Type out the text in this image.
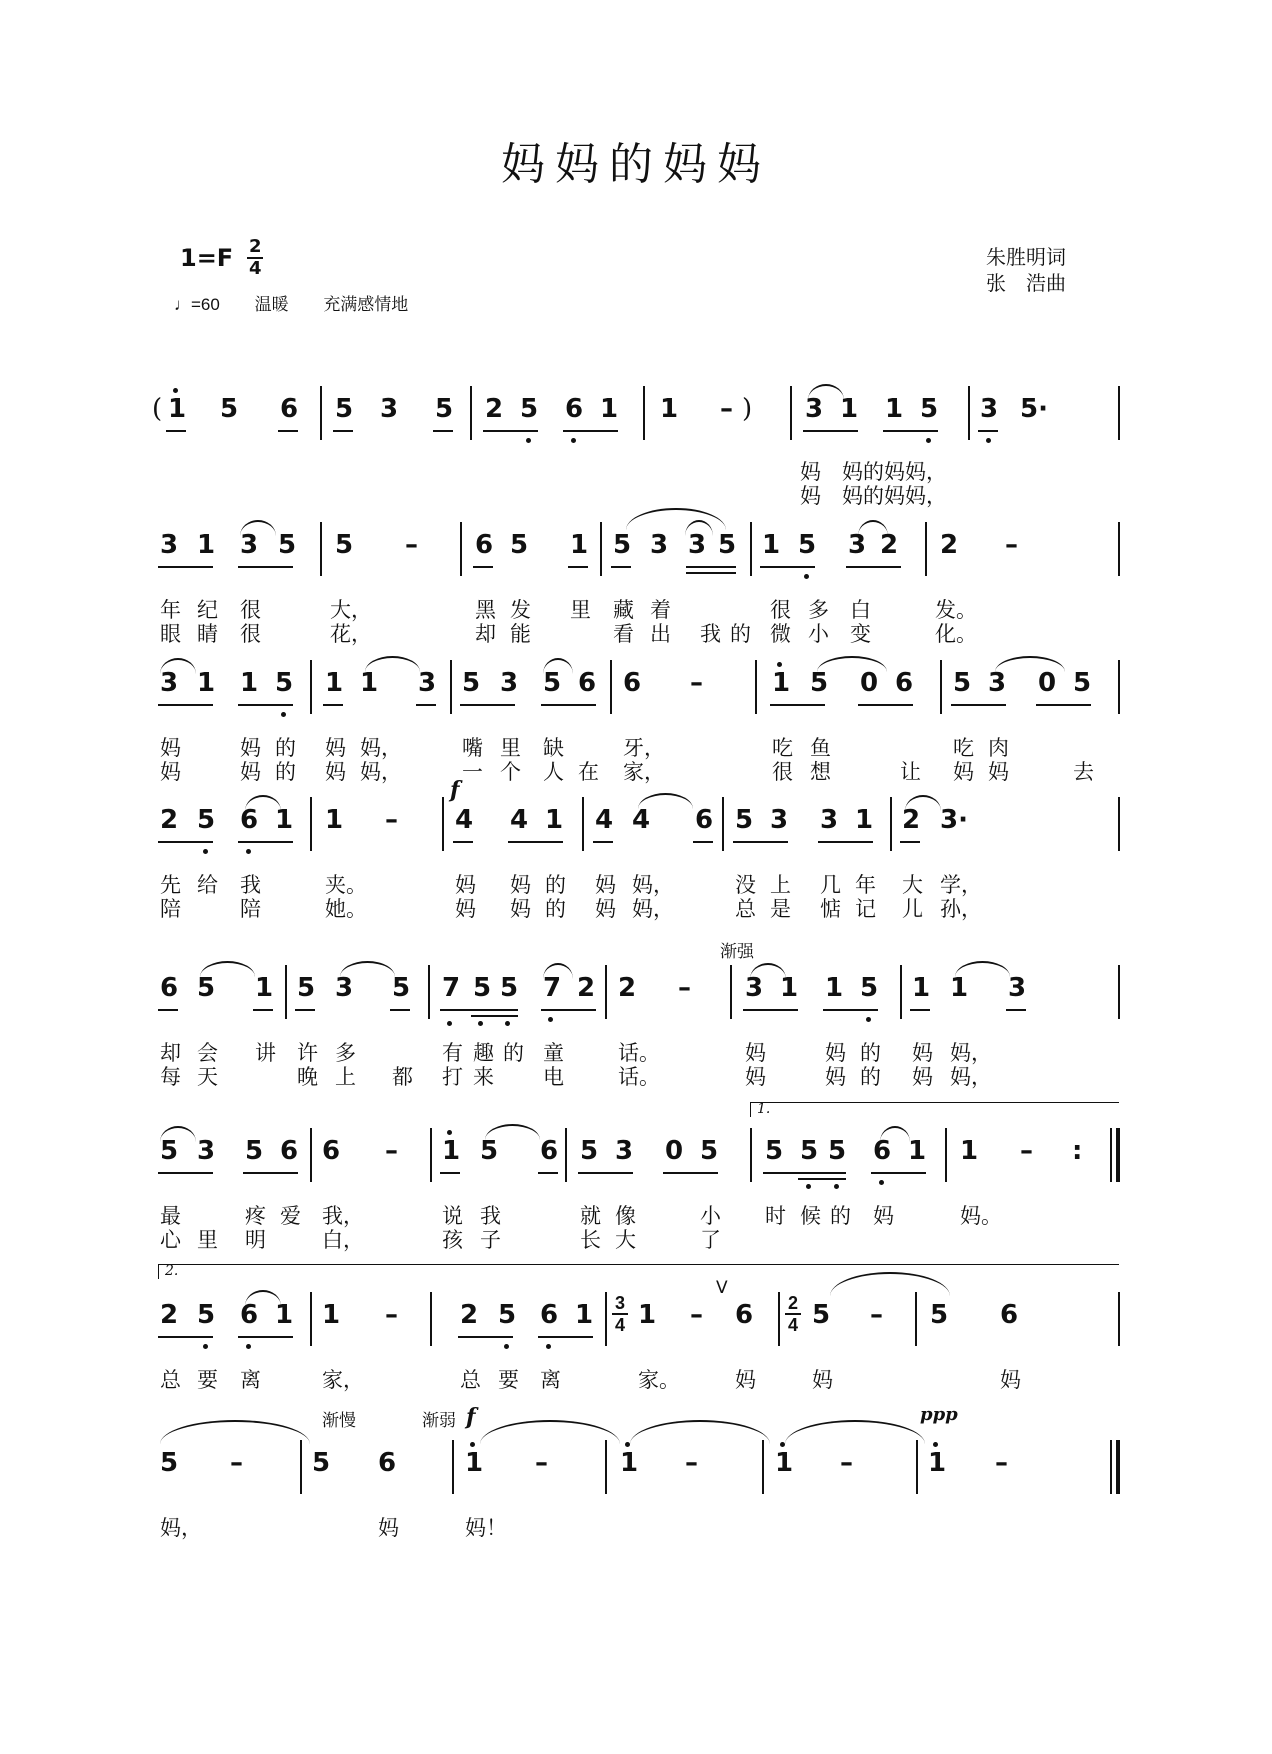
妈妈的妈妈
1=F 2
4
♩=60 温暖 充满感情地
朱胜明词
张　浩曲
( 1 5 6 5 3 5 2 5 6 1 1 – ) 3 1 1 5 3 5·
妈　妈的妈妈，
妈　妈的妈妈，
3 1 3 5 5 – 6 5 1 5 3 3 5 1 5 3 2 2 –
年 纪 很	大，	黑 发 里 藏 着	很 多 白	发。
眼 睛 很	花，	却 能	看 出 我 的 微 小 变	化。
3 1 1 5 1 1 3 5 3 5 6 6 –	1 5 0 6 5 3 0 5
妈	妈 的 妈 妈，	嘴 里 缺	牙，	吃 鱼	吃 肉
妈	妈 的 妈 妈，	一 个 人 在 家，	很 想	让 妈 妈	去
2 5 6 1 1 –
f
4 4 1 4 4 6 5 3 3 1 2 3·
先 给 我	夹。	妈 妈 的 妈 妈，	没 上 几 年 大 学，
陪	陪	她。	妈 妈 的 妈 妈，	总 是 惦 记 儿 孙，
6 5 1 5 3 5 7 5 5 7 2 2 –
渐强
3 1 1 5 1 1 3
却 会 讲 许 多	有 趣 的 童	话。	妈	妈 的 妈 妈，
每 天	晚 上 都 打 来 电	话。	妈	妈 的 妈 妈，
1.
5 3 5 6 6 – 1 5 6 5 3 0 5 5 5 5 6 1 1 – :
最	疼 爱 我，	说 我	就 像	小 时 候 的 妈	妈。
心 里 明	白，	孩 子	长 大	了
2.
2 5 6 1 1 – 2 5 6 1 3
4 1 –
V
6 2
4 5 – 5 6
总 要 离	家，	总 要 离	家。	妈	妈	妈
渐慢	渐弱 f
5 –	5 6	1 –	1 –	1 –
ppp
1 –
妈，	妈	妈！
